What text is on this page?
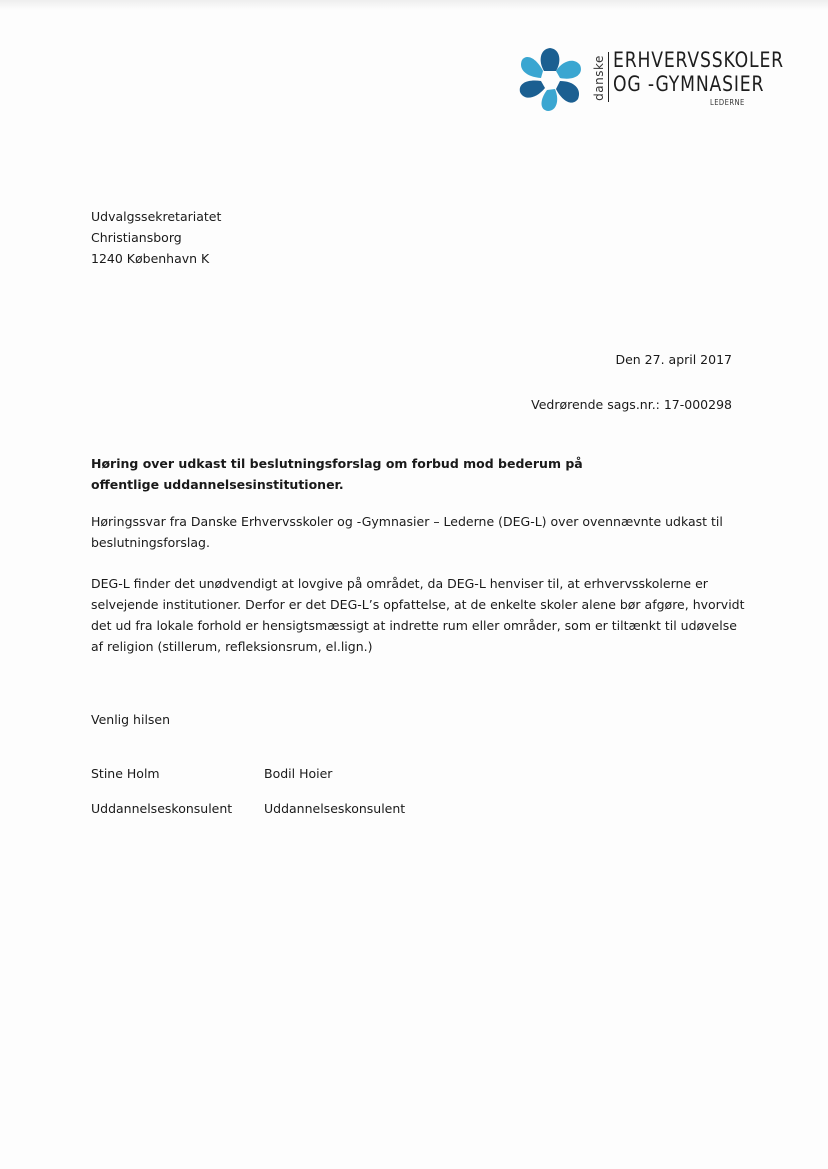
danske ERHVERVSSKOLER
OG -GYMNASIER
LEDERNE
Udvalgssekretariatet
Christiansborg
1240 København K
Den 27. april 2017
Vedrørende sags.nr.: 17-000298
Høring over udkast til beslutningsforslag om forbud mod bederum på
offentlige uddannelsesinstitutioner.

Høringssvar fra Danske Erhvervsskoler og -Gymnasier – Lederne (DEG-L) over ovennævnte udkast til beslutningsforslag.

DEG-L finder det unødvendigt at lovgive på området, da DEG-L henviser til, at erhvervsskolerne er selvejende institutioner. Derfor er det DEG-L’s opfattelse, at de enkelte skoler alene bør afgøre, hvorvidt det ud fra lokale forhold er hensigtsmæssigt at indrette rum eller områder, som er tiltænkt til udøvelse af religion (stillerum, refleksionsrum, el.lign.)

Venlig hilsen
Stine Holm	Bodil Hoier
Uddannelseskonsulent	Uddannelseskonsulent
